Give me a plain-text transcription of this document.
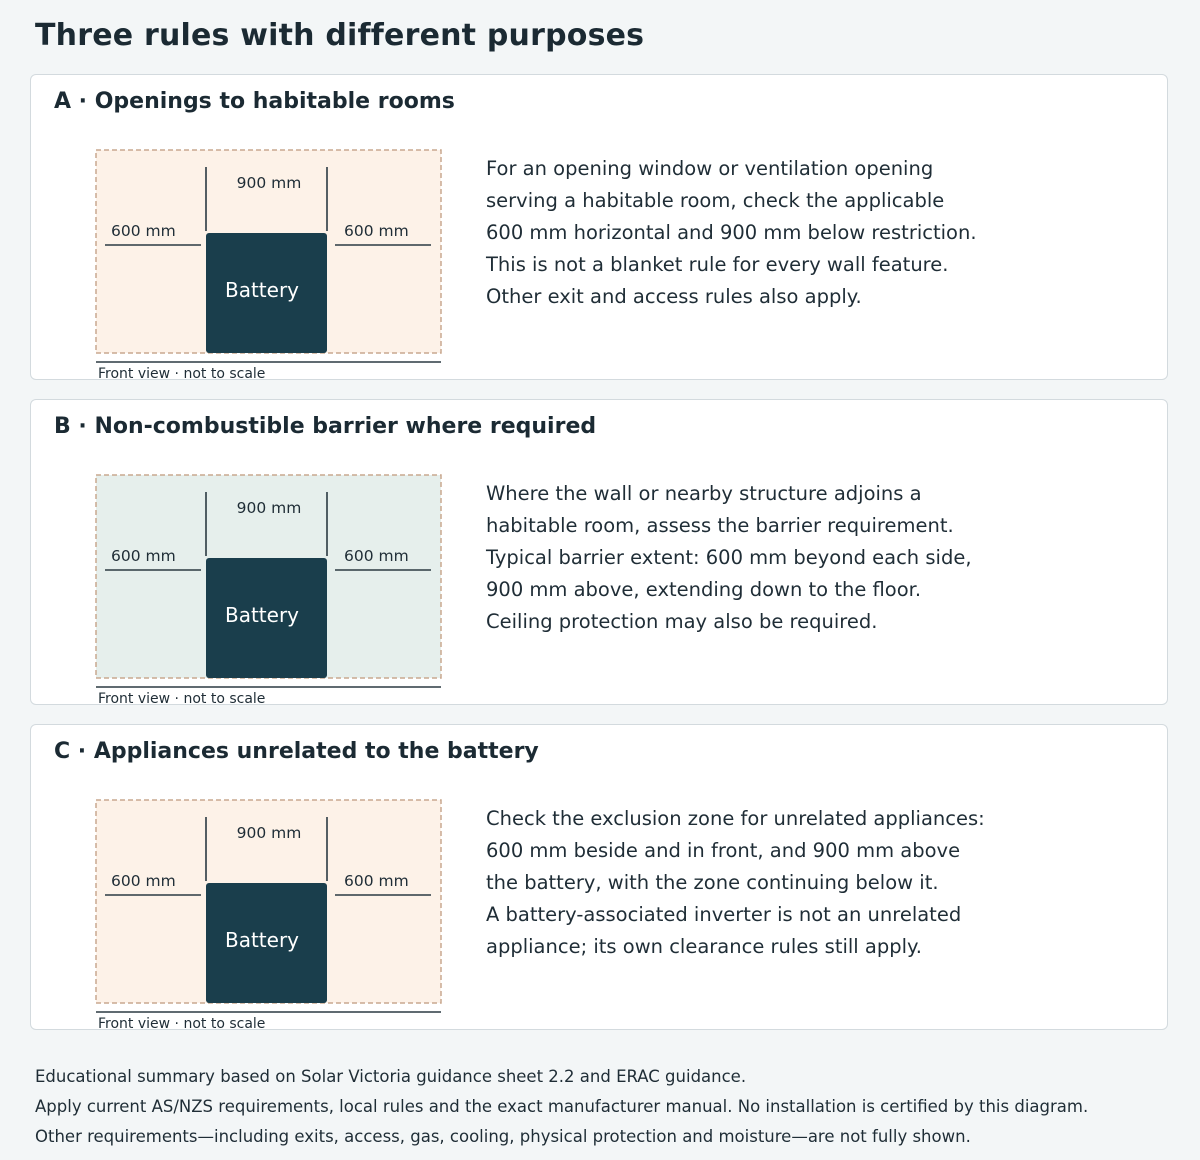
Three rules with different purposes
A · Openings to habitable rooms
900 mm
600 mm	600 mm
Battery
Front view · not to scale
For an opening window or ventilation opening
serving a habitable room, check the applicable
600 mm horizontal and 900 mm below restriction.
This is not a blanket rule for every wall feature.
Other exit and access rules also apply.
B · Non-combustible barrier where required
900 mm
600 mm	600 mm
Battery
Front view · not to scale
Where the wall or nearby structure adjoins a
habitable room, assess the barrier requirement.
Typical barrier extent: 600 mm beyond each side,
900 mm above, extending down to the floor.
Ceiling protection may also be required.
C · Appliances unrelated to the battery
900 mm
600 mm	600 mm
Battery
Front view · not to scale
Check the exclusion zone for unrelated appliances:
600 mm beside and in front, and 900 mm above
the battery, with the zone continuing below it.
A battery-associated inverter is not an unrelated
appliance; its own clearance rules still apply.
Educational summary based on Solar Victoria guidance sheet 2.2 and ERAC guidance.
Apply current AS/NZS requirements, local rules and the exact manufacturer manual. No installation is certified by this diagram.
Other requirements—including exits, access, gas, cooling, physical protection and moisture—are not fully shown.
